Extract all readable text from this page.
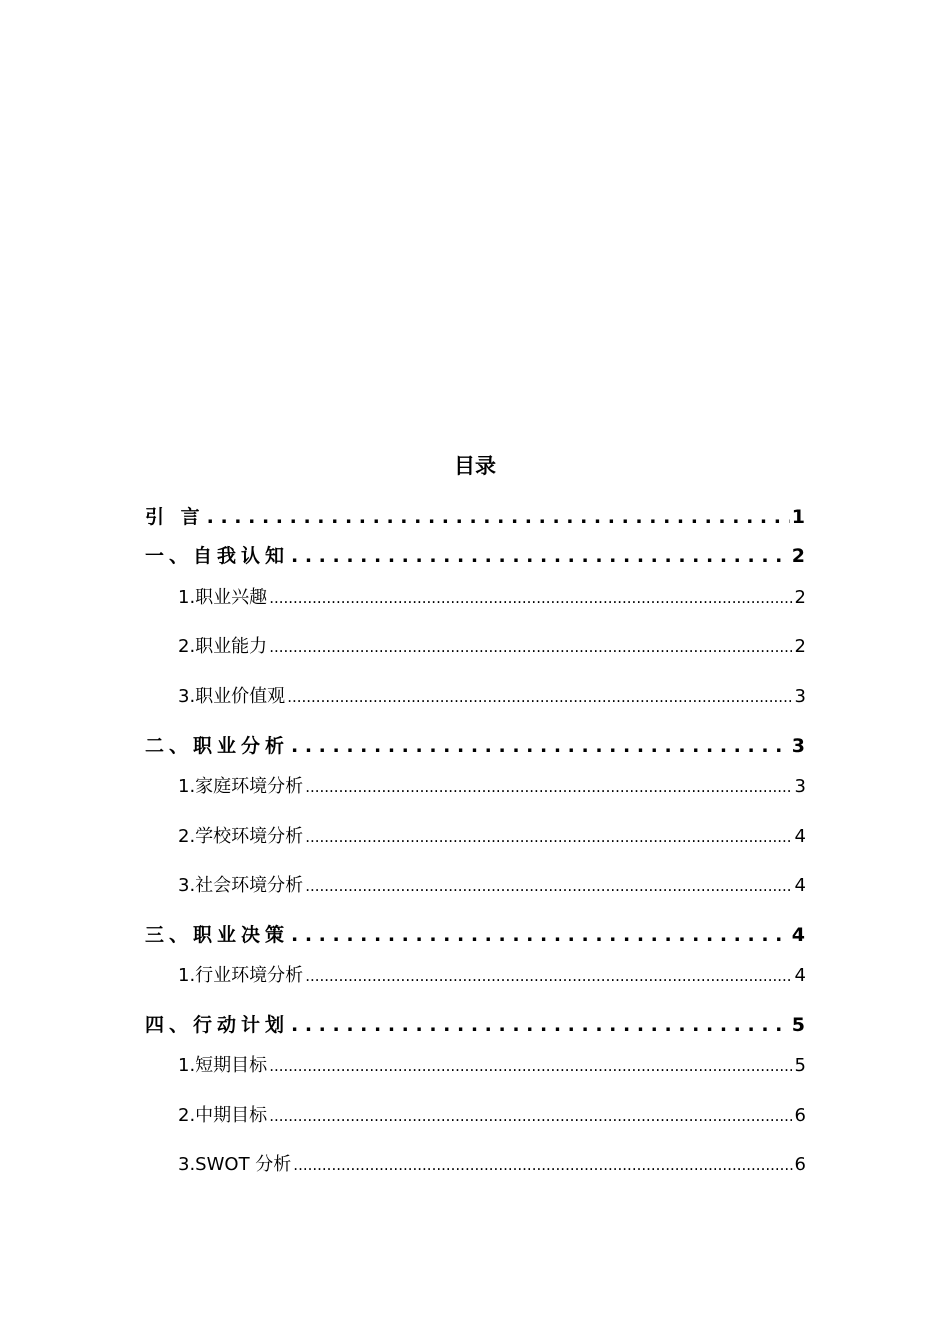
目录
引 言 . . .	1
一、自我认知 . . .	2
1.职业兴趣 .....	2
2.职业能力 .....	2
3.职业价值观 .....	3
二、职业分析 . . .	3
1.家庭环境分析 .....	3
2.学校环境分析 .....	4
3.社会环境分析 .....	4
三、职业决策 . . .	4
1.行业环境分析 .....	4
四、行动计划 . . .	5
1.短期目标 .....	5
2.中期目标 .....	6
3.SWOT 分析 .....	6
